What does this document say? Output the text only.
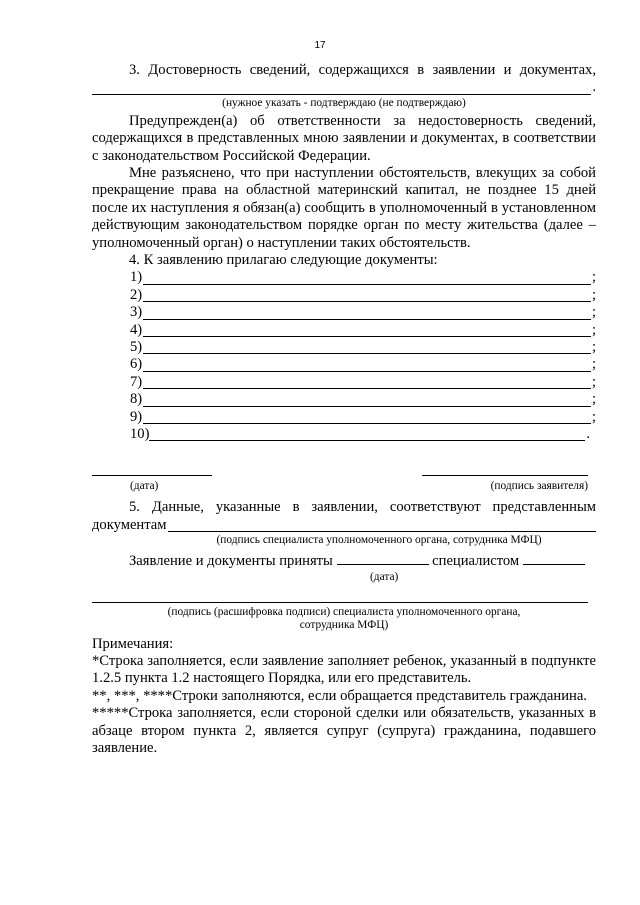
17

3. Достоверность сведений, содержащихся в заявлении и документах,

.

(нужное указать - подтверждаю (не подтверждаю)

Предупрежден(а) об ответственности за недостоверность сведений, содержащихся в представленных мною заявлении и документах, в соответствии с законодательством Российской Федерации.

Мне разъяснено, что при наступлении обстоятельств, влекущих за собой прекращение права на областной материнский капитал, не позднее 15 дней после их наступления я обязан(а) сообщить в уполномоченный в установленном действующим законодательством порядке орган по месту жительства (далее – уполномоченный орган) о наступлении таких обстоятельств.

4. К заявлению прилагаю следующие документы:

1)	;
2)	;
3)	;
4)	;
5)	;
6)	;
7)	;
8)	;
9)	;
10)	.
(дата)	(подпись заявителя)

5. Данные, указанные в заявлении, соответствуют представленным

документам

(подпись специалиста уполномоченного органа, сотрудника МФЦ)

Заявление и документы приняты	специалистом
(дата)

(подпись (расшифровка подписи) специалиста уполномоченного органа,

сотрудника МФЦ)

Примечания:

*Строка заполняется, если заявление заполняет ребенок, указанный в подпункте 1.2.5 пункта 1.2 настоящего Порядка, или его представитель.

**, ***, ****Строки заполняются, если обращается представитель гражданина.

*****Строка заполняется, если стороной сделки или обязательств, указанных в абзаце втором пункта 2, является супруг (супруга) гражданина, подавшего заявление.
